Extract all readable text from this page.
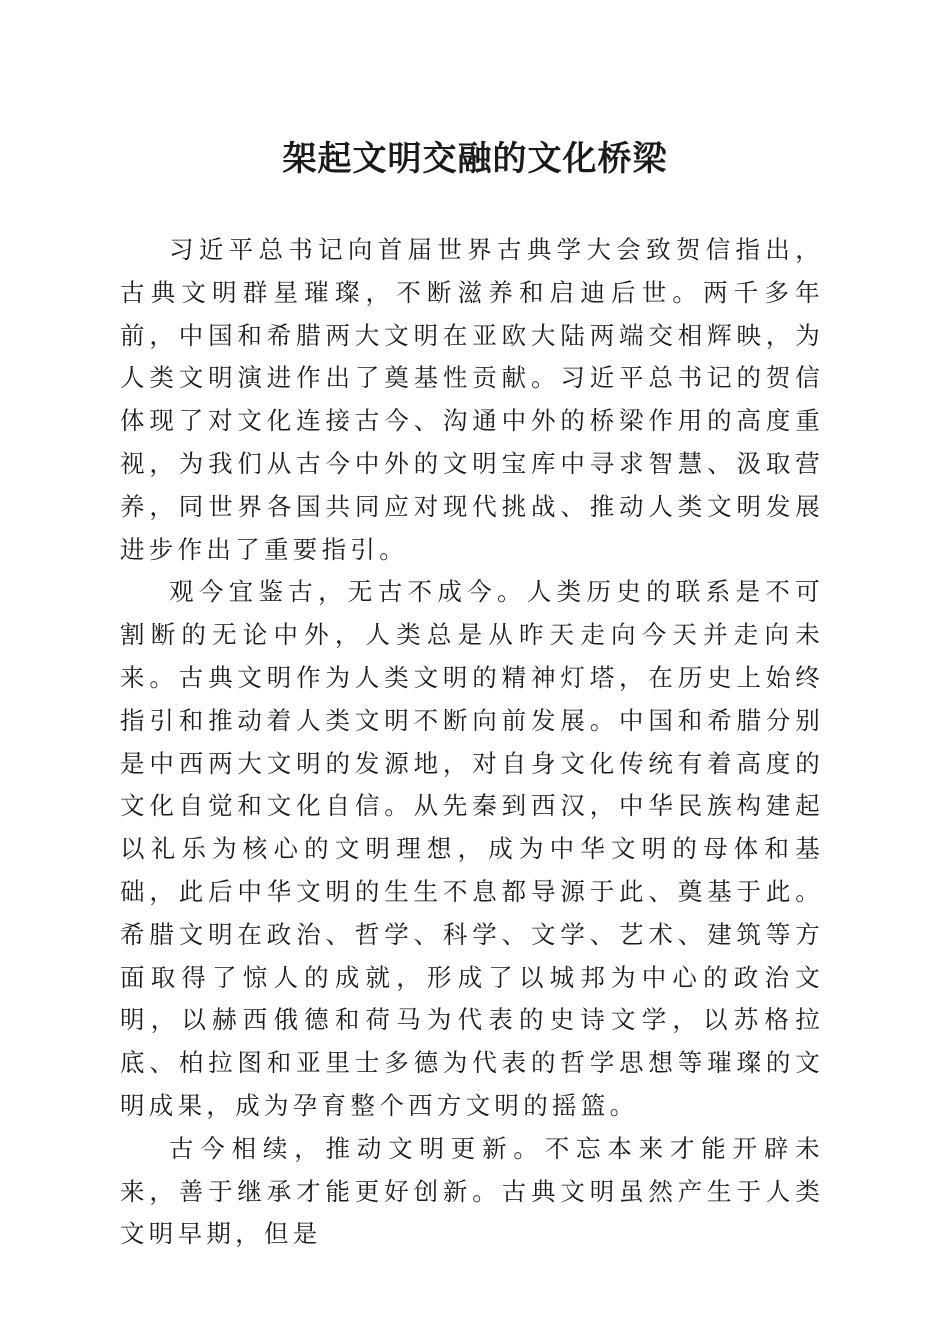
架起文明交融的文化桥梁

习近平总书记向首届世界古典学大会致贺信指出，古典文明群星璀璨，不断滋养和启迪后世。两千多年前，中国和希腊两大文明在亚欧大陆两端交相辉映，为人类文明演进作出了奠基性贡献。习近平总书记的贺信体现了对文化连接古今、沟通中外的桥梁作用的高度重视，为我们从古今中外的文明宝库中寻求智慧、汲取营养，同世界各国共同应对现代挑战、推动人类文明发展进步作出了重要指引。

观今宜鉴古，无古不成今。人类历史的联系是不可割断的无论中外，人类总是从昨天走向今天并走向未来。古典文明作为人类文明的精神灯塔，在历史上始终指引和推动着人类文明不断向前发展。中国和希腊分别是中西两大文明的发源地，对自身文化传统有着高度的文化自觉和文化自信。从先秦到西汉，中华民族构建起以礼乐为核心的文明理想，成为中华文明的母体和基础，此后中华文明的生生不息都导源于此、奠基于此。希腊文明在政治、哲学、科学、文学、艺术、建筑等方面取得了惊人的成就，形成了以城邦为中心的政治文明，以赫西俄德和荷马为代表的史诗文学，以苏格拉底、柏拉图和亚里士多德为代表的哲学思想等璀璨的文明成果，成为孕育整个西方文明的摇篮。

古今相续，推动文明更新。不忘本来才能开辟未来，善于继承才能更好创新。古典文明虽然产生于人类文明早期，但是
